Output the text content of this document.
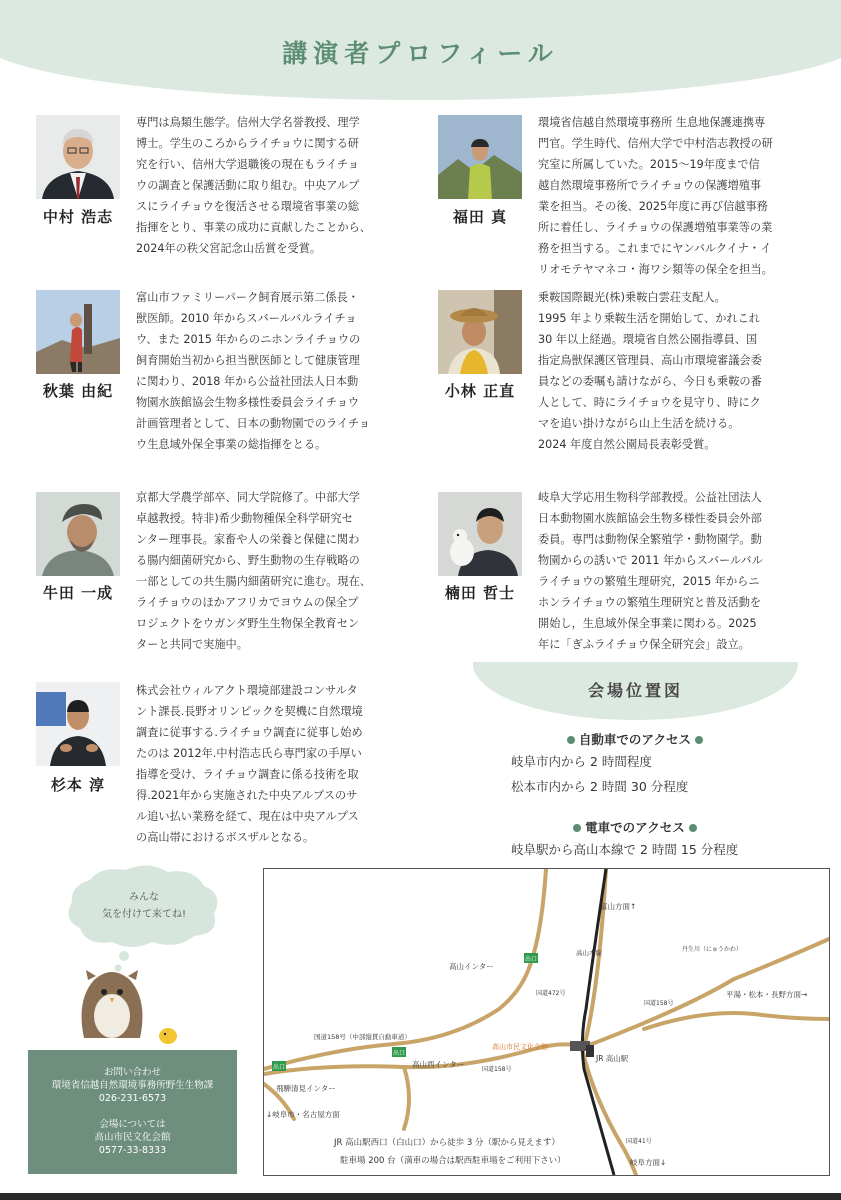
講演者プロフィール
中村 浩志

専門は鳥類生態学。信州大学名誉教授、理学

博士。学生のころからライチョウに関する研

究を行い、信州大学退職後の現在もライチョ

ウの調査と保護活動に取り組む。中央アルプ

スにライチョウを復活させる環境省事業の総

指揮をとり、事業の成功に貢献したことから、

2024年の秩父宮記念山岳賞を受賞。

福田 真

環境省信越自然環境事務所 生息地保護連携専

門官。学生時代、信州大学で中村浩志教授の研

究室に所属していた。2015～19年度まで信

越自然環境事務所でライチョウの保護増殖事

業を担当。その後、2025年度に再び信越事務

所に着任し、ライチョウの保護増殖事業等の業

務を担当する。これまでにヤンバルクイナ・イ

リオモテヤマネコ・海ワシ類等の保全を担当。

秋葉 由紀

富山市ファミリーパーク飼育展示第二係長・

獣医師。2010 年からスバールバルライチョ

ウ、また 2015 年からのニホンライチョウの

飼育開始当初から担当獣医師として健康管理

に関わり、2018 年から公益社団法人日本動

物園水族館協会生物多様性委員会ライチョウ

計画管理者として、日本の動物園でのライチョ

ウ生息域外保全事業の総指揮をとる。

小林 正直

乗鞍国際観光(株)乗鞍白雲荘支配人。

1995 年より乗鞍生活を開始して、かれこれ

30 年以上経過。環境省自然公園指導員、国

指定鳥獣保護区管理員、高山市環境審議会委

員などの委嘱も請けながら、今日も乗鞍の番

人として、時にライチョウを見守り、時にク

マを追い掛けながら山上生活を続ける。

2024 年度自然公園局長表彰受賞。

牛田 一成

京都大学農学部卒、同大学院修了。中部大学

卓越教授。特非)希少動物種保全科学研究セ

ンター理事長。家畜や人の栄養と保健に関わ

る腸内細菌研究から、野生動物の生存戦略の

一部としての共生腸内細菌研究に進む。現在、

ライチョウのほかアフリカでヨウムの保全プ

ロジェクトをウガンダ野生生物保全教育セン

ターと共同で実施中。

楠田 哲士

岐阜大学応用生物科学部教授。公益社団法人

日本動物園水族館協会生物多様性委員会外部

委員。専門は動物保全繁殖学・動物園学。動

物園からの誘いで 2011 年からスバールバル

ライチョウの繁殖生理研究，2015 年からニ

ホンライチョウの繁殖生理研究と普及活動を

開始し，生息域外保全事業に関わる。2025

年に「ぎふライチョウ保全研究会」設立。

杉本 淳

株式会社ウィルアクト環境部建設コンサルタ

ント課長.長野オリンピックを契機に自然環境

調査に従事する.ライチョウ調査に従事し始め

たのは 2012年.中村浩志氏ら専門家の手厚い

指導を受け、ライチョウ調査に係る技術を取

得.2021年から実施された中央アルプスのサ

ル追い払い業務を経て、現在は中央アルプス

の高山帯におけるボスザルとなる。

会場位置図
自動車でのアクセス
岐阜市内から 2 時間程度
松本市内から 2 時間 30 分程度
電車でのアクセス
岐阜駅から高山本線で 2 時間 15 分程度
みんな
気を付けて来てね!
お問い合わせ
環境省信越自然環境事務所野生生物課
026-231-6573
会場については
高山市民文化会館
0577-33-8333
出口
出口
出口
富山方面↑
高山本線
高山インター
国道472号
国道158号
丹生川（にゅうかわ）
平湯・松本・長野方面→
国道158号（中部縦貫自動車道）
高山市民文化会館
JR 高山駅
高山西インター
国道158号
飛騨清見インター
↓岐阜市・名古屋方面
国道41号
岐阜方面↓
JR 高山駅西口（白山口）から徒歩 3 分（駅から見えます）
駐車場 200 台（満車の場合は駅西駐車場をご利用下さい）
